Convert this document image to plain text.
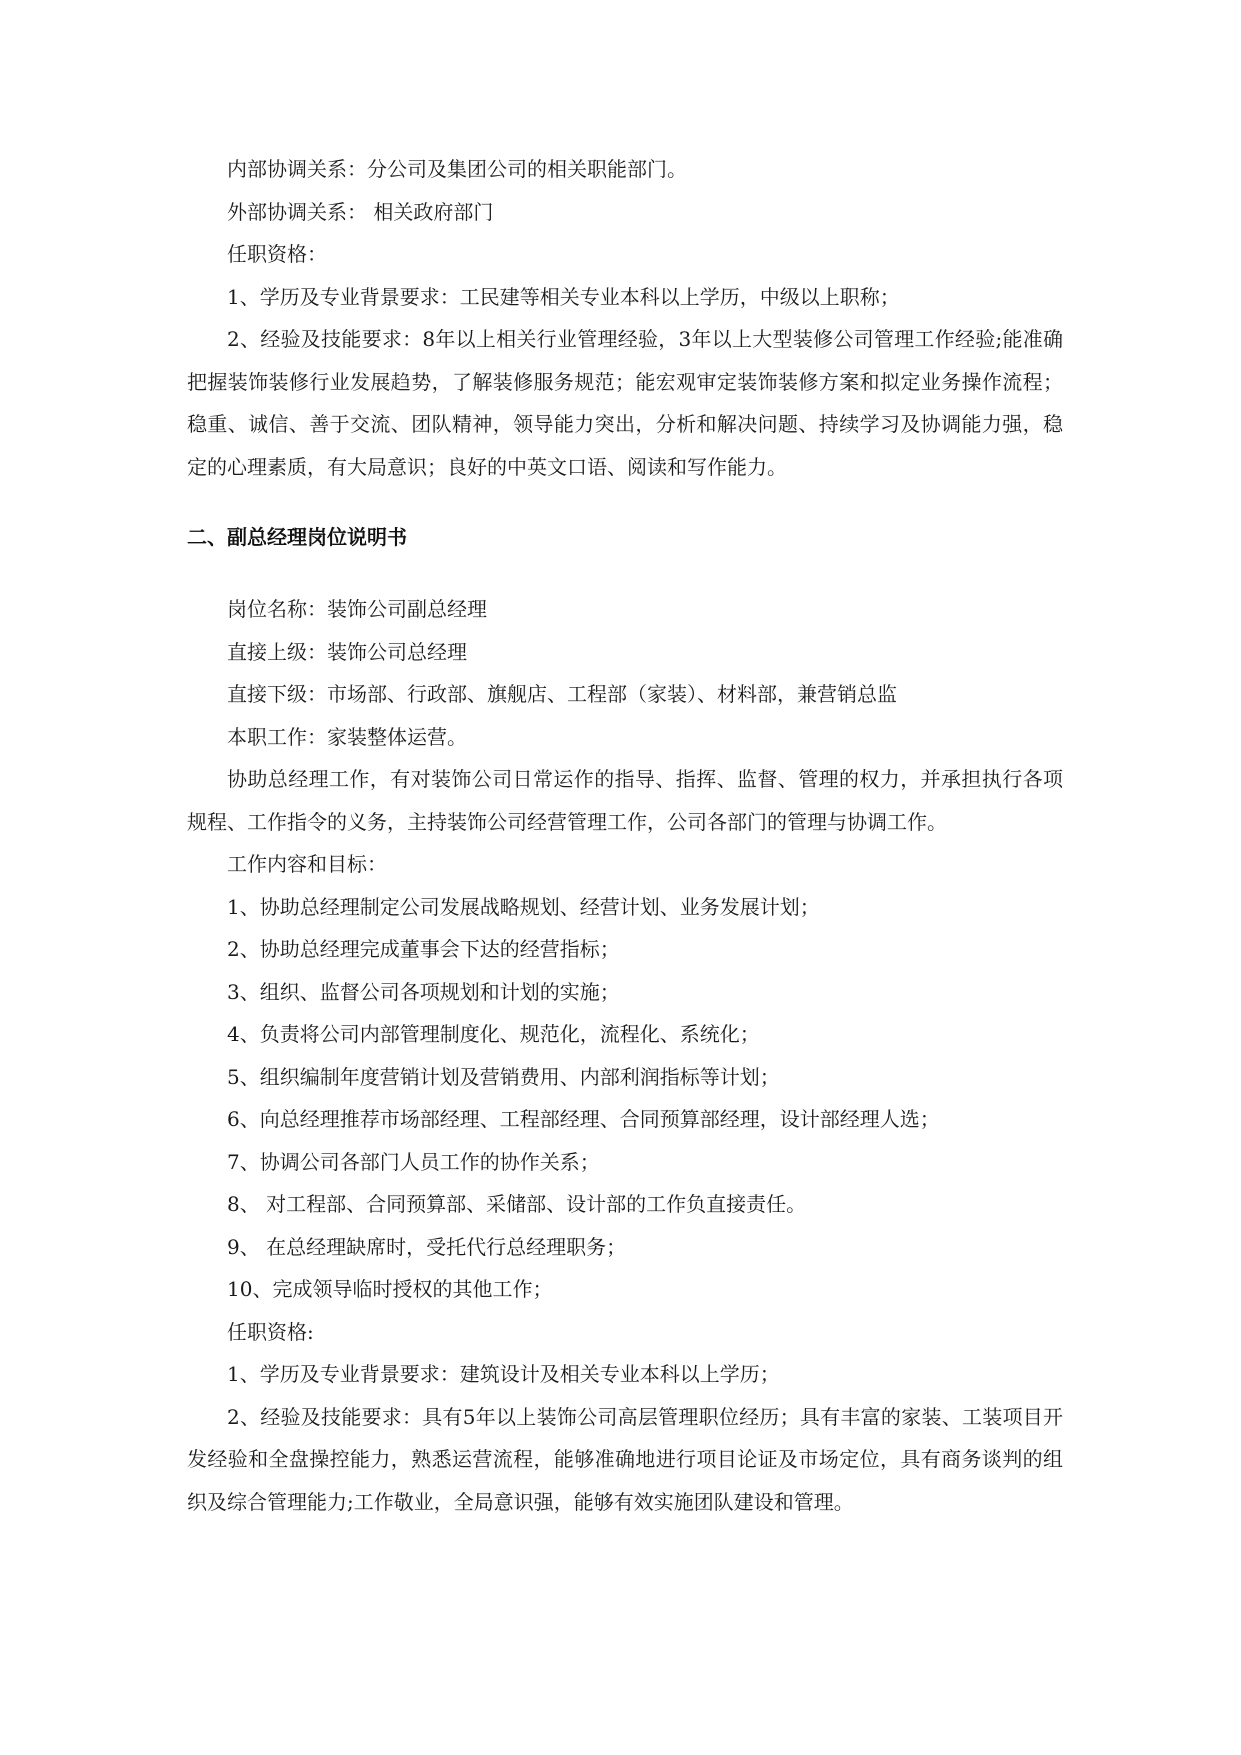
内部协调关系：分公司及集团公司的相关职能部门。

外部协调关系： 相关政府部门

任职资格：

1、学历及专业背景要求：工民建等相关专业本科以上学历，中级以上职称；

2、经验及技能要求：8年以上相关行业管理经验，3年以上大型装修公司管理工作经验;能准确把握装饰装修行业发展趋势，了解装修服务规范；能宏观审定装饰装修方案和拟定业务操作流程；稳重、诚信、善于交流、团队精神，领导能力突出，分析和解决问题、持续学习及协调能力强，稳定的心理素质，有大局意识；良好的中英文口语、阅读和写作能力。

二、副总经理岗位说明书

岗位名称：装饰公司副总经理

直接上级：装饰公司总经理

直接下级：市场部、行政部、旗舰店、工程部（家装）、材料部，兼营销总监

本职工作：家装整体运营。

协助总经理工作，有对装饰公司日常运作的指导、指挥、监督、管理的权力，并承担执行各项规程、工作指令的义务，主持装饰公司经营管理工作，公司各部门的管理与协调工作。

工作内容和目标：

1、协助总经理制定公司发展战略规划、经营计划、业务发展计划；

2、协助总经理完成董事会下达的经营指标；

3、组织、监督公司各项规划和计划的实施；

4、负责将公司内部管理制度化、规范化，流程化、系统化；

5、组织编制年度营销计划及营销费用、内部利润指标等计划；

6、向总经理推荐市场部经理、工程部经理、合同预算部经理，设计部经理人选；

7、协调公司各部门人员工作的协作关系；

8、 对工程部、合同预算部、采储部、设计部的工作负直接责任。

9、 在总经理缺席时，受托代行总经理职务；

10、完成领导临时授权的其他工作；

任职资格:

1、学历及专业背景要求：建筑设计及相关专业本科以上学历；

2、经验及技能要求：具有5年以上装饰公司高层管理职位经历；具有丰富的家装、工装项目开发经验和全盘操控能力，熟悉运营流程，能够准确地进行项目论证及市场定位，具有商务谈判的组织及综合管理能力;工作敬业，全局意识强，能够有效实施团队建设和管理。
